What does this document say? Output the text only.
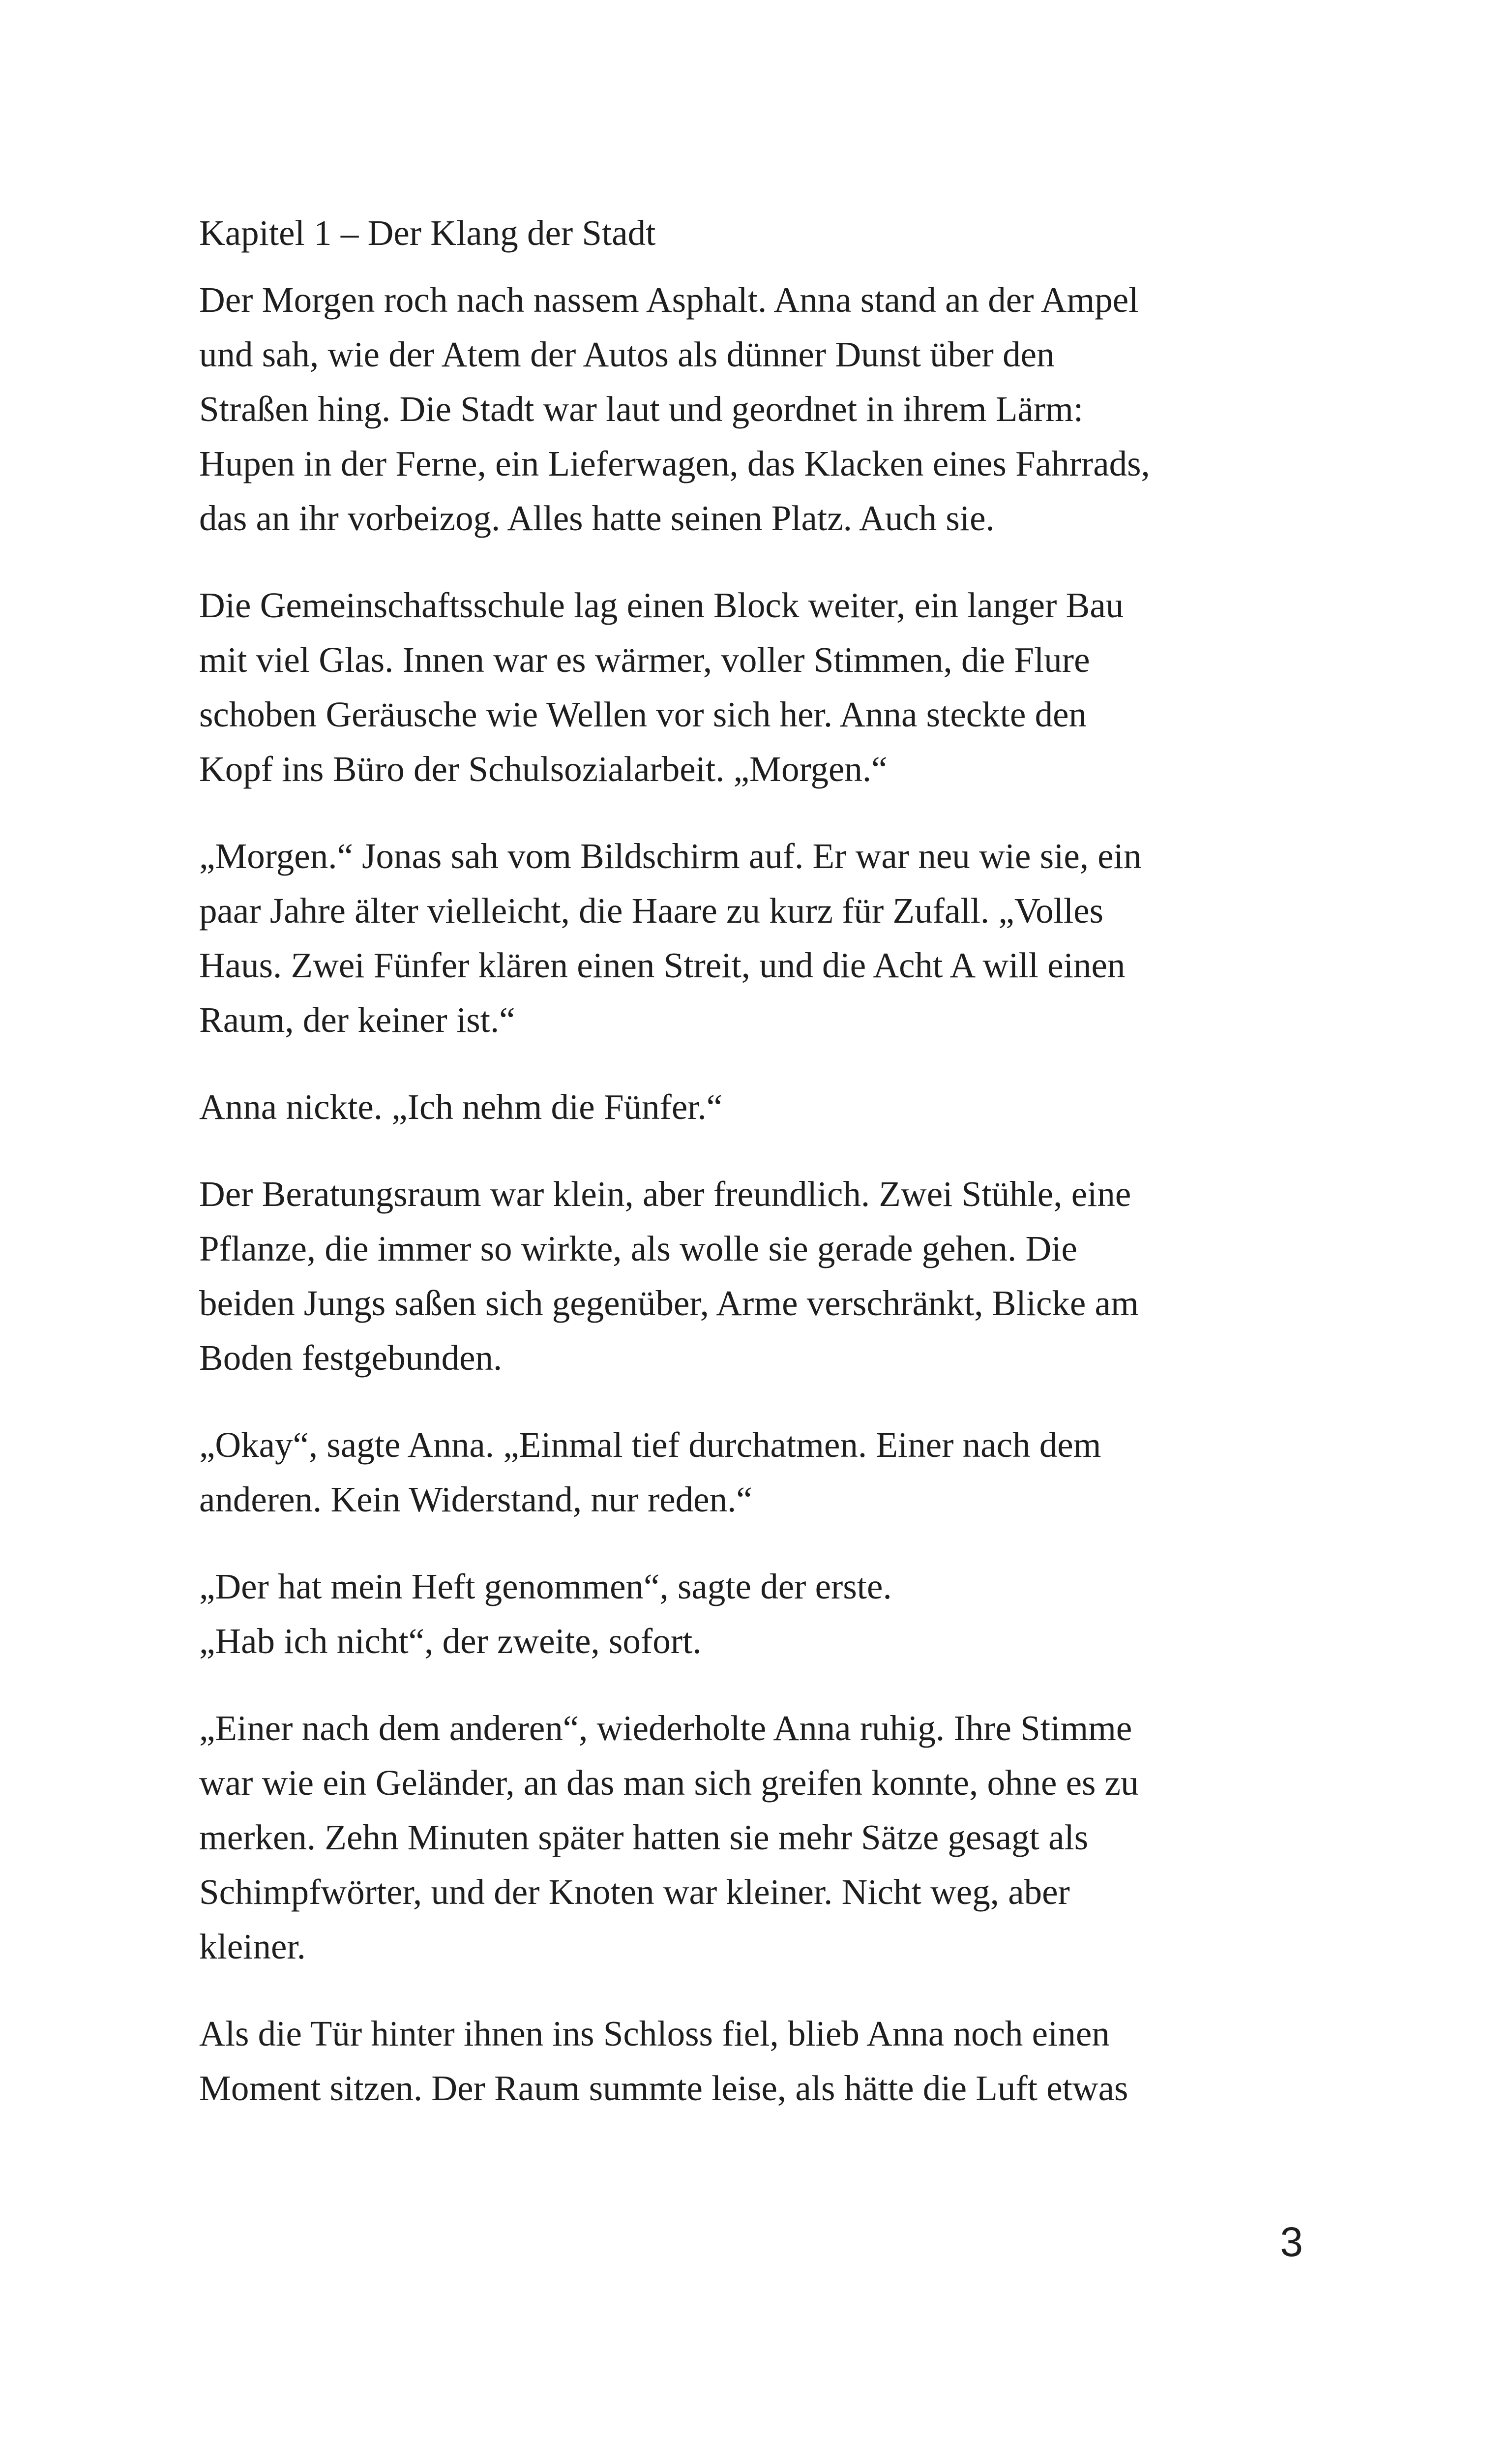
Kapitel 1 – Der Klang der Stadt

Der Morgen roch nach nassem Asphalt. Anna stand an der Ampel
und sah, wie der Atem der Autos als dünner Dunst über den
Straßen hing. Die Stadt war laut und geordnet in ihrem Lärm:
Hupen in der Ferne, ein Lieferwagen, das Klacken eines Fahrrads,
das an ihr vorbeizog. Alles hatte seinen Platz. Auch sie.

Die Gemeinschaftsschule lag einen Block weiter, ein langer Bau
mit viel Glas. Innen war es wärmer, voller Stimmen, die Flure
schoben Geräusche wie Wellen vor sich her. Anna steckte den
Kopf ins Büro der Schulsozialarbeit. „Morgen.“

„Morgen.“ Jonas sah vom Bildschirm auf. Er war neu wie sie, ein
paar Jahre älter vielleicht, die Haare zu kurz für Zufall. „Volles
Haus. Zwei Fünfer klären einen Streit, und die Acht A will einen
Raum, der keiner ist.“

Anna nickte. „Ich nehm die Fünfer.“

Der Beratungsraum war klein, aber freundlich. Zwei Stühle, eine
Pflanze, die immer so wirkte, als wolle sie gerade gehen. Die
beiden Jungs saßen sich gegenüber, Arme verschränkt, Blicke am
Boden festgebunden.

„Okay“, sagte Anna. „Einmal tief durchatmen. Einer nach dem
anderen. Kein Widerstand, nur reden.“

„Der hat mein Heft genommen“, sagte der erste.
„Hab ich nicht“, der zweite, sofort.

„Einer nach dem anderen“, wiederholte Anna ruhig. Ihre Stimme
war wie ein Geländer, an das man sich greifen konnte, ohne es zu
merken. Zehn Minuten später hatten sie mehr Sätze gesagt als
Schimpfwörter, und der Knoten war kleiner. Nicht weg, aber
kleiner.

Als die Tür hinter ihnen ins Schloss fiel, blieb Anna noch einen
Moment sitzen. Der Raum summte leise, als hätte die Luft etwas

3
